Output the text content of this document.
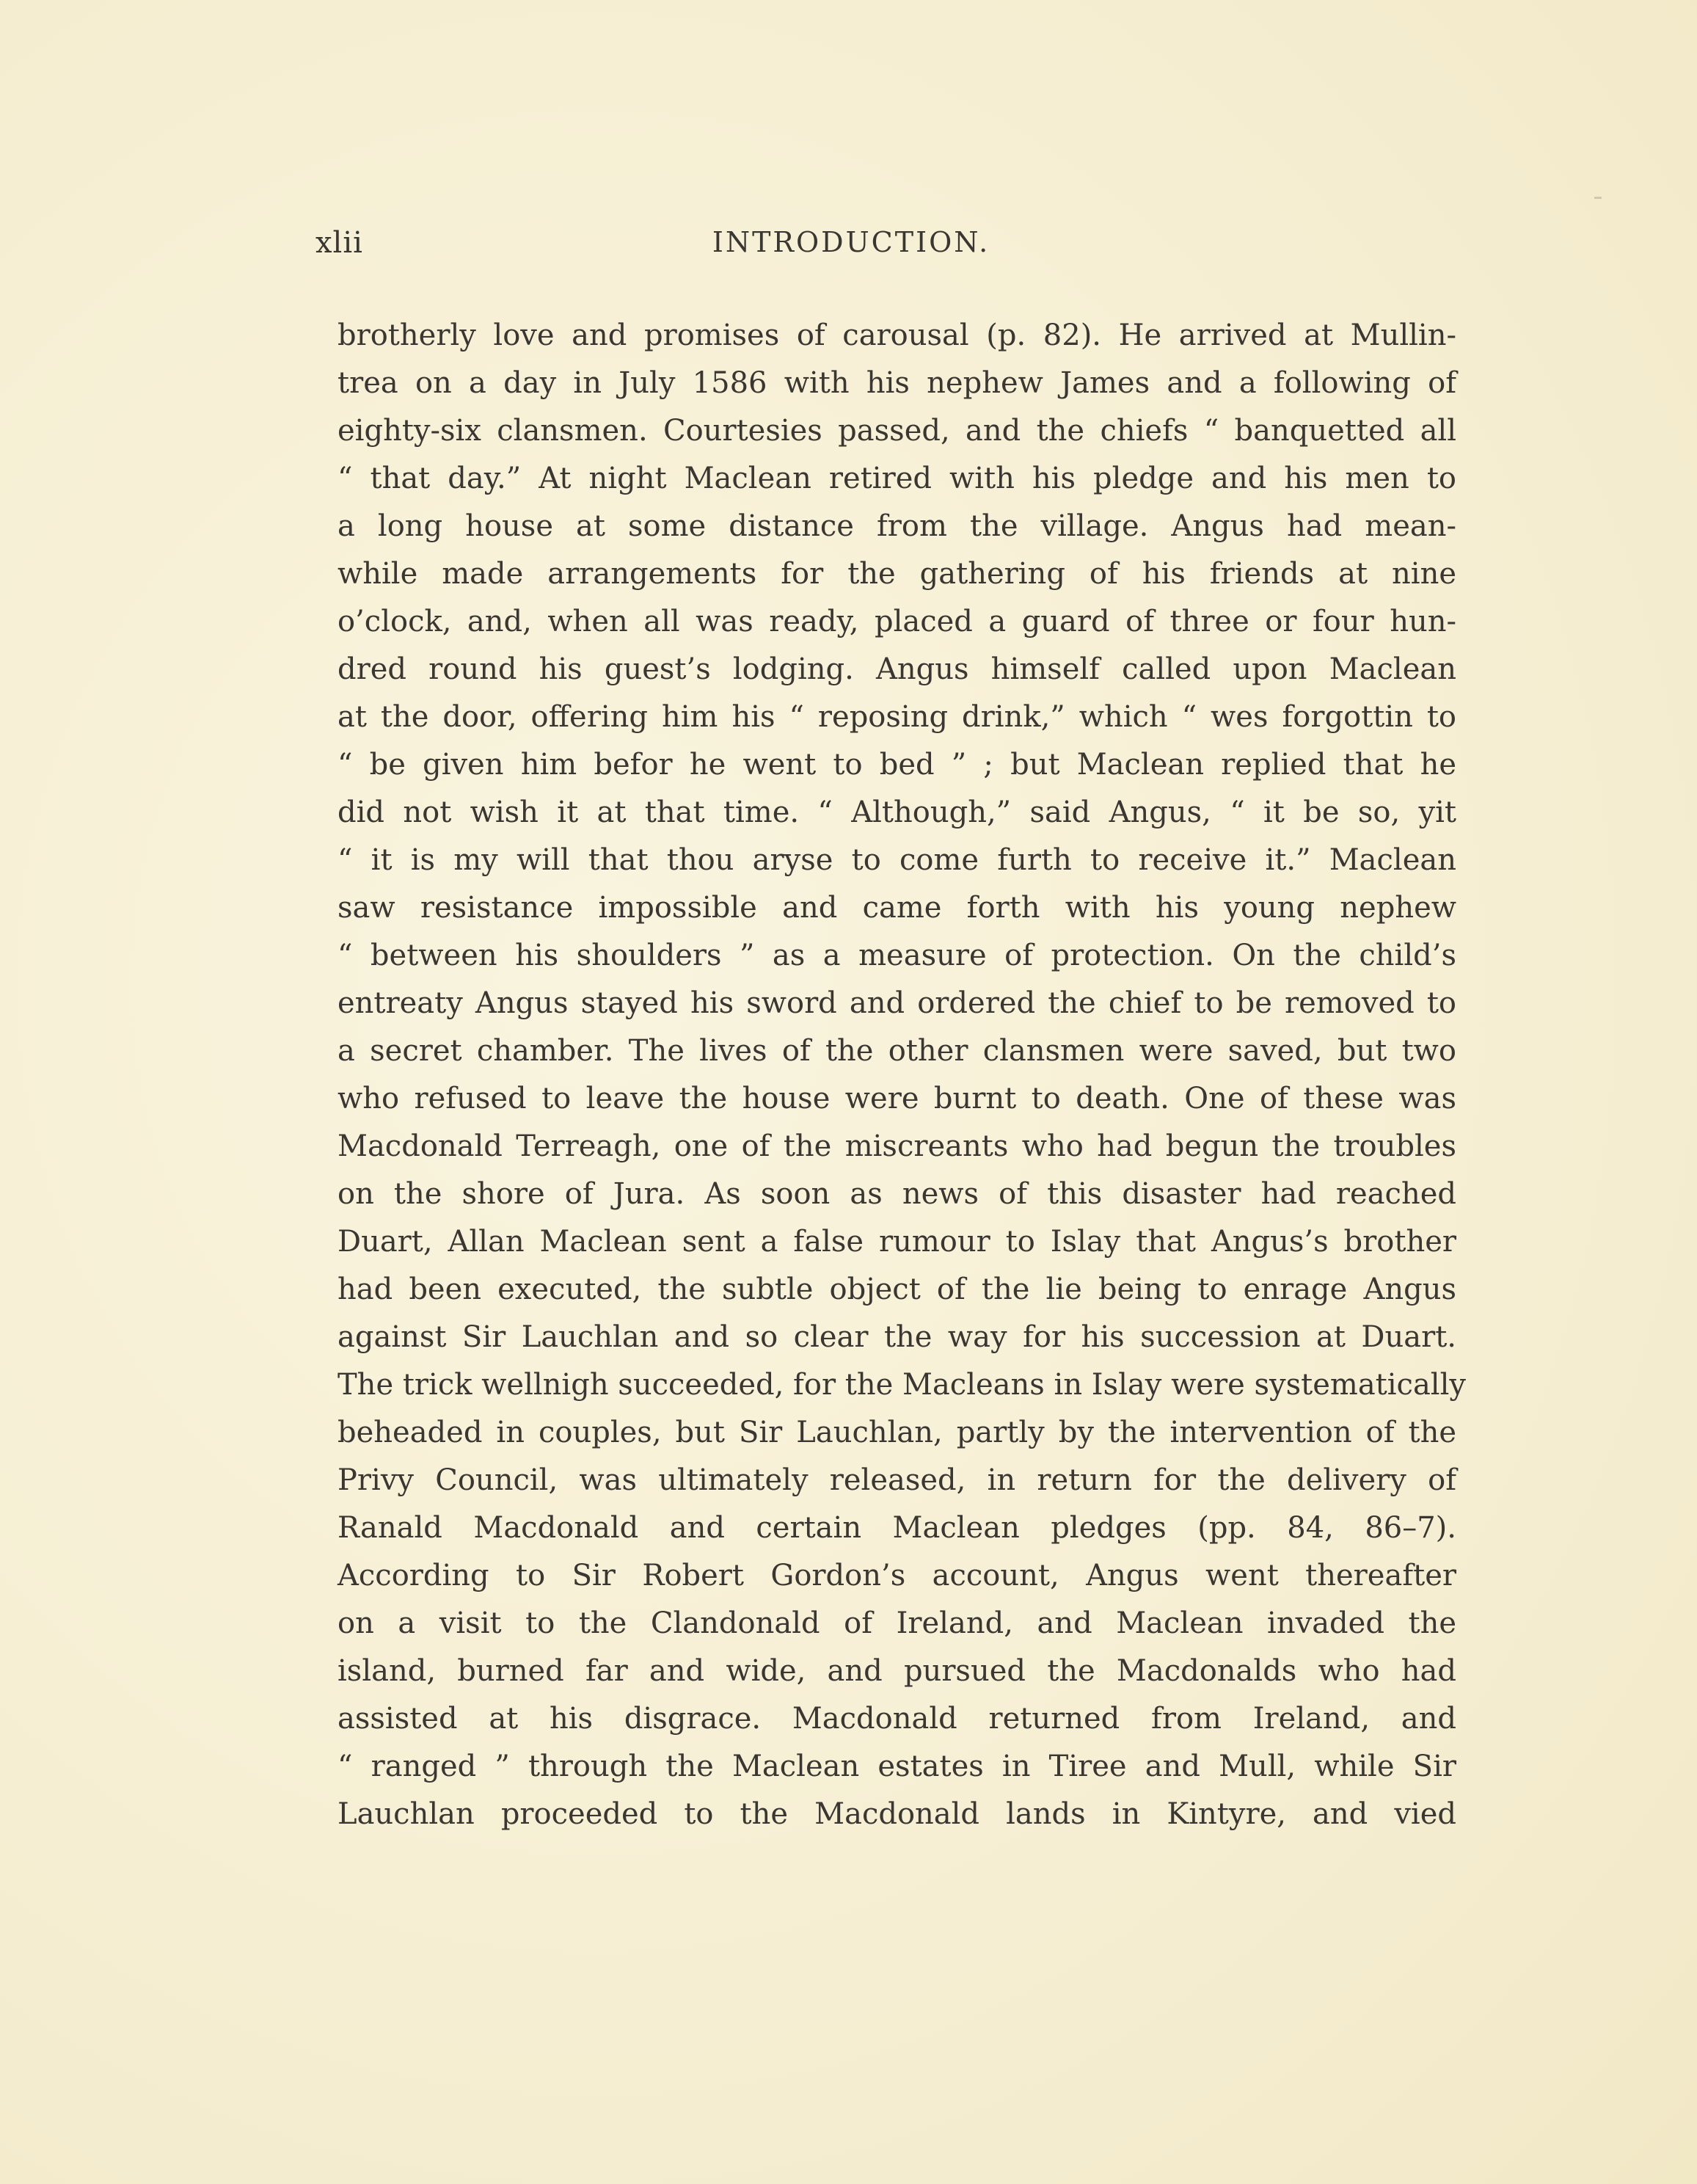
xlii	INTRODUCTION.
brotherly love and promises of carousal (p. 82). He arrived at Mullin-
trea on a day in July 1586 with his nephew James and a following of
eighty-six clansmen. Courtesies passed, and the chiefs “ banquetted all
“ that day.” At night Maclean retired with his pledge and his men to
a long house at some distance from the village. Angus had mean-
while made arrangements for the gathering of his friends at nine
o’clock, and, when all was ready, placed a guard of three or four hun-
dred round his guest’s lodging. Angus himself called upon Maclean
at the door, offering him his “ reposing drink,” which “ wes forgottin to
“ be given him befor he went to bed ” ; but Maclean replied that he
did not wish it at that time. “ Although,” said Angus, “ it be so, yit
“ it is my will that thou aryse to come furth to receive it.” Maclean
saw resistance impossible and came forth with his young nephew
“ between his shoulders ” as a measure of protection. On the child’s
entreaty Angus stayed his sword and ordered the chief to be removed to
a secret chamber. The lives of the other clansmen were saved, but two
who refused to leave the house were burnt to death. One of these was
Macdonald Terreagh, one of the miscreants who had begun the troubles
on the shore of Jura. As soon as news of this disaster had reached
Duart, Allan Maclean sent a false rumour to Islay that Angus’s brother
had been executed, the subtle object of the lie being to enrage Angus
against Sir Lauchlan and so clear the way for his succession at Duart.
The trick wellnigh succeeded, for the Macleans in Islay were systematically
beheaded in couples, but Sir Lauchlan, partly by the intervention of the
Privy Council, was ultimately released, in return for the delivery of
Ranald Macdonald and certain Maclean pledges (pp. 84, 86–7).
According to Sir Robert Gordon’s account, Angus went thereafter
on a visit to the Clandonald of Ireland, and Maclean invaded the
island, burned far and wide, and pursued the Macdonalds who had
assisted at his disgrace. Macdonald returned from Ireland, and
“ ranged ” through the Maclean estates in Tiree and Mull, while Sir
Lauchlan proceeded to the Macdonald lands in Kintyre, and vied
